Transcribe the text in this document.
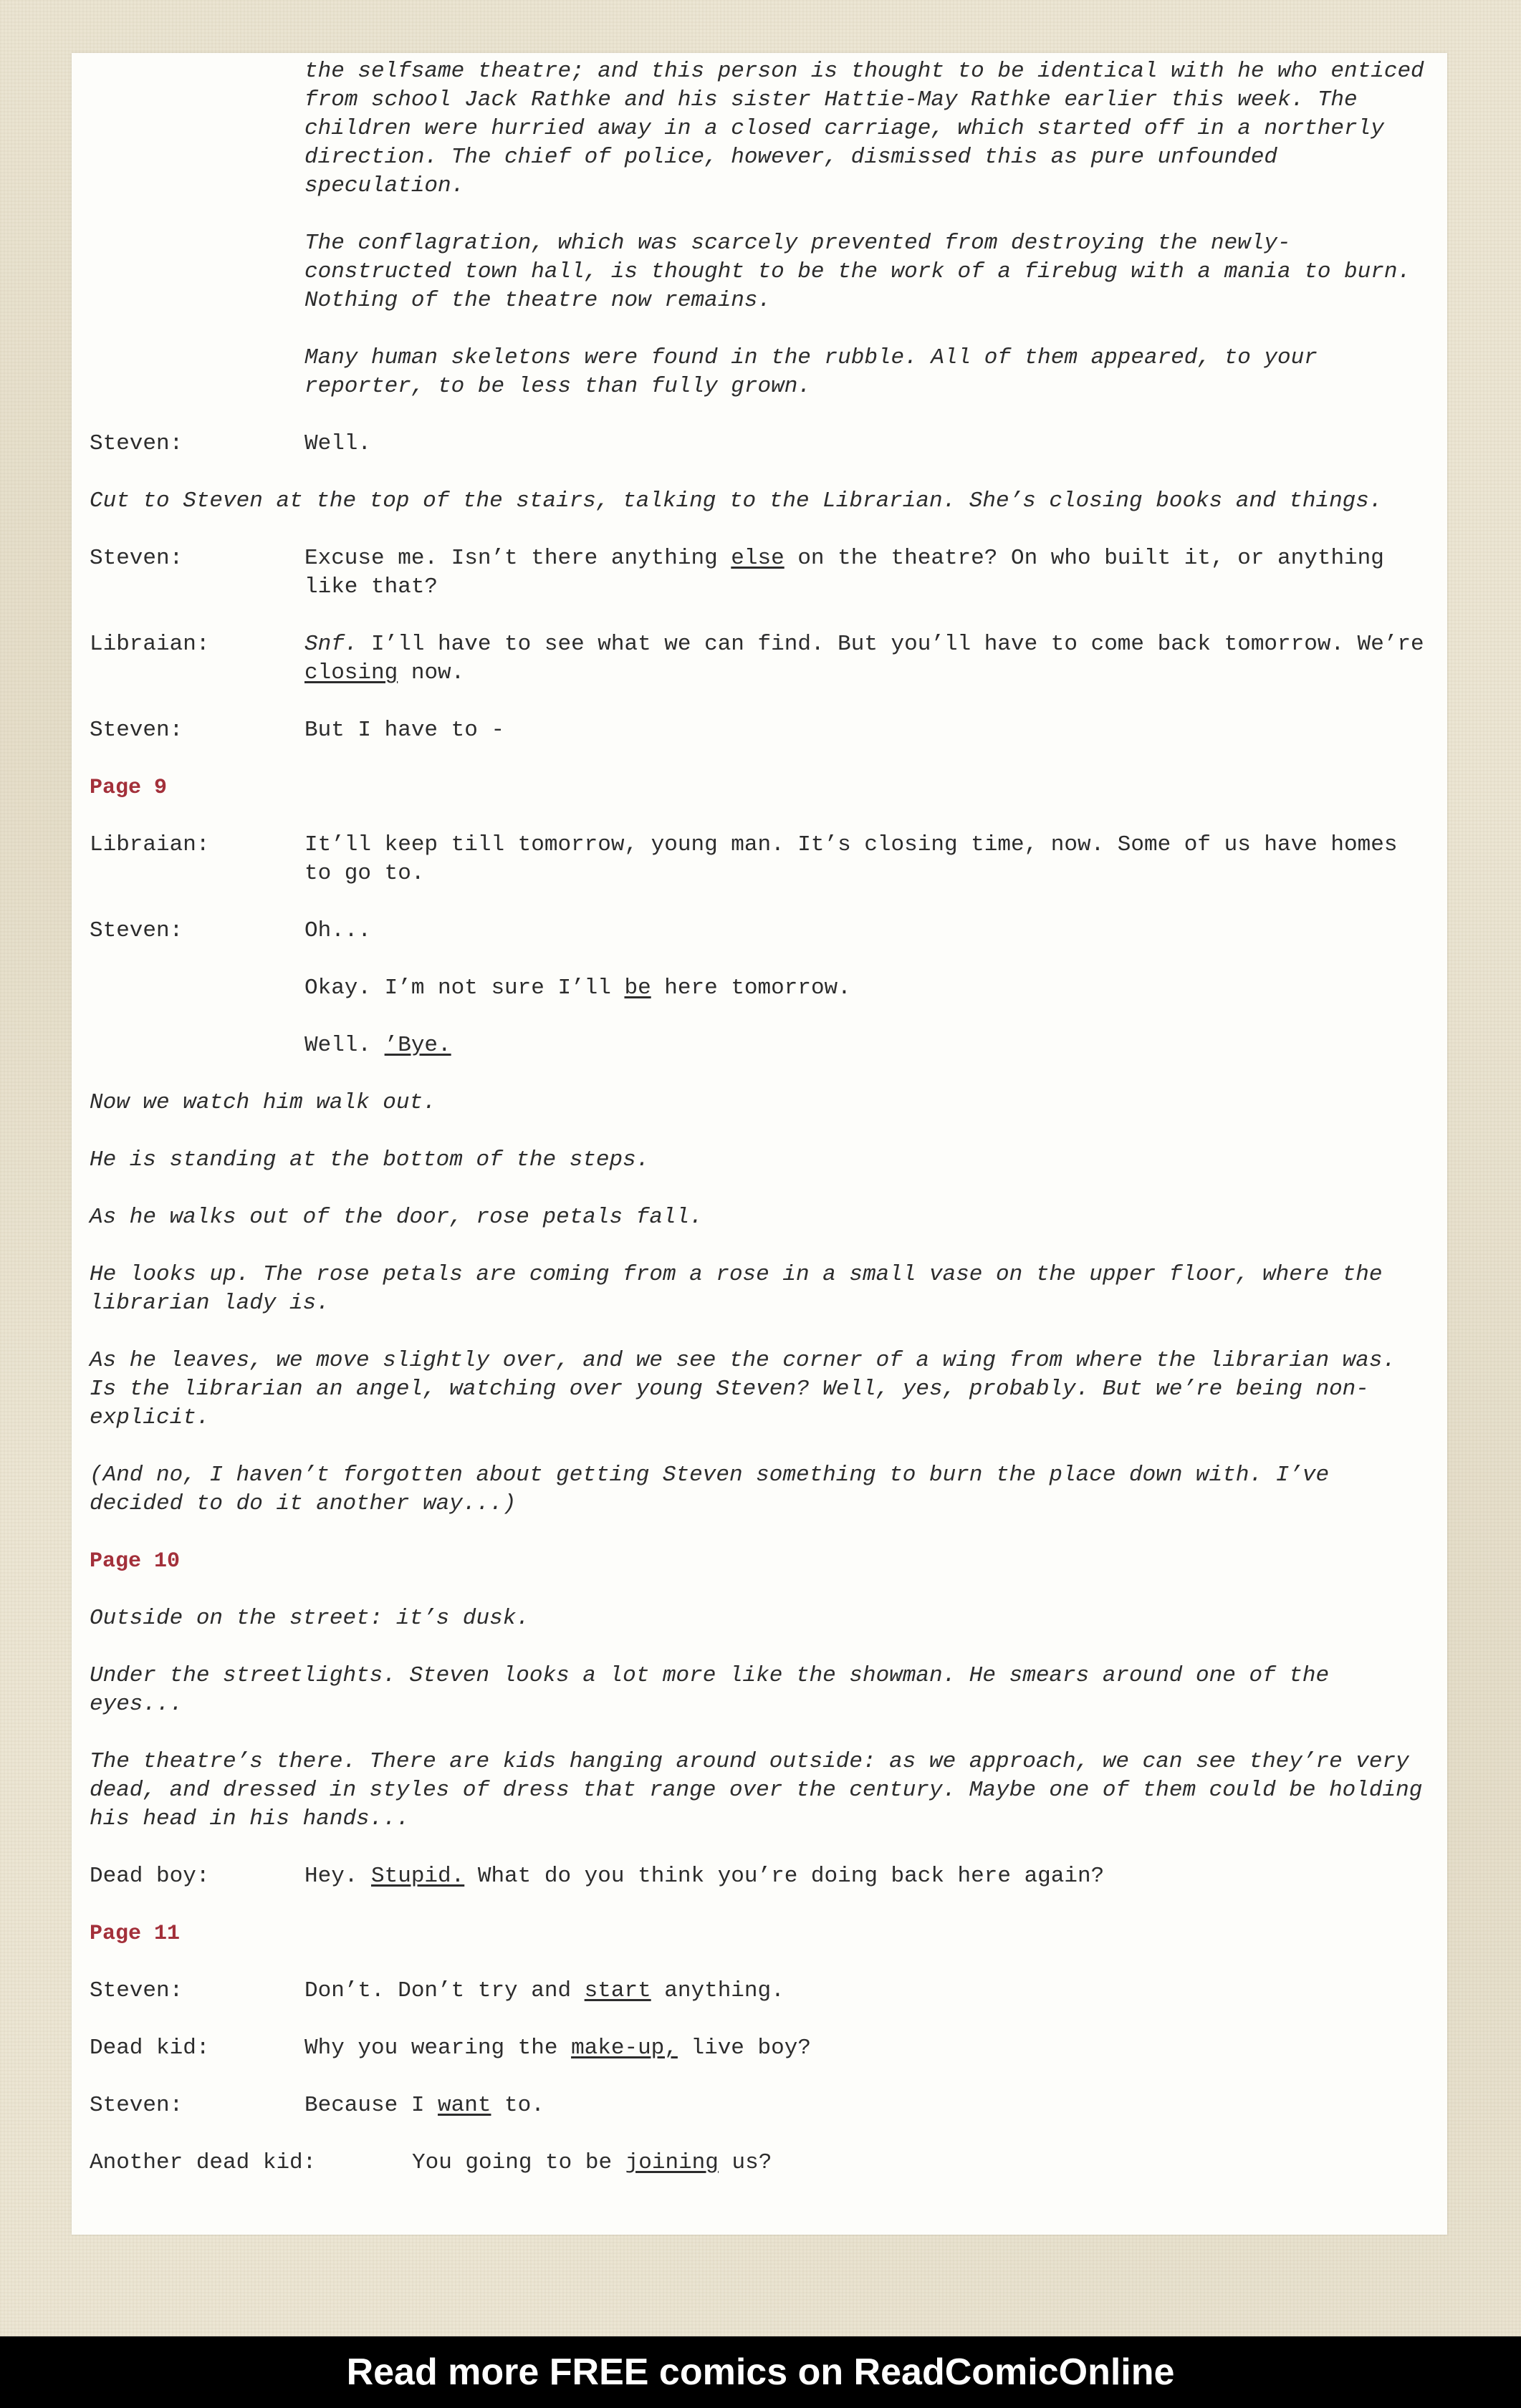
the selfsame theatre; and this person is thought to be identical with he who enticed from school Jack Rathke and his sister Hattie-May Rathke earlier this week. The children were hurried away in a closed carriage, which started off in a northerly direction. The chief of police, however, dismissed this as pure unfounded speculation.
The conflagration, which was scarcely prevented from destroying the newly-constructed town hall, is thought to be the work of a firebug with a mania to burn. Nothing of the theatre now remains.
Many human skeletons were found in the rubble. All of them appeared, to your reporter, to be less than fully grown.
Steven:	Well.
Cut to Steven at the top of the stairs, talking to the Librarian. She’s closing books and things.
Steven:	Excuse me. Isn’t there anything else on the theatre? On who built it, or anything like that?
Libraian:	Snf. I’ll have to see what we can find. But you’ll have to come back tomorrow. We’re closing now.
Steven:	But I have to -
Page 9
Libraian:	It’ll keep till tomorrow, young man. It’s closing time, now. Some of us have homes to go to.
Steven:	Oh...
Okay. I’m not sure I’ll be here tomorrow.
Well. ’Bye.
Now we watch him walk out.
He is standing at the bottom of the steps.
As he walks out of the door, rose petals fall.
He looks up. The rose petals are coming from a rose in a small vase on the upper floor, where the librarian lady is.
As he leaves, we move slightly over, and we see the corner of a wing from where the librarian was. Is the librarian an angel, watching over young Steven? Well, yes, probably. But we’re being non-explicit.
(And no, I haven’t forgotten about getting Steven something to burn the place down with. I’ve decided to do it another way...)
Page 10
Outside on the street: it’s dusk.
Under the streetlights. Steven looks a lot more like the showman. He smears around one of the eyes...
The theatre’s there. There are kids hanging around outside: as we approach, we can see they’re very dead, and dressed in styles of dress that range over the century. Maybe one of them could be holding his head in his hands...
Dead boy:	Hey. Stupid. What do you think you’re doing back here again?
Page 11
Steven:	Don’t. Don’t try and start anything.
Dead kid:	Why you wearing the make-up, live boy?
Steven:	Because I want to.
Another dead kid:	You going to be joining us?
Read more FREE comics on ReadComicOnline
